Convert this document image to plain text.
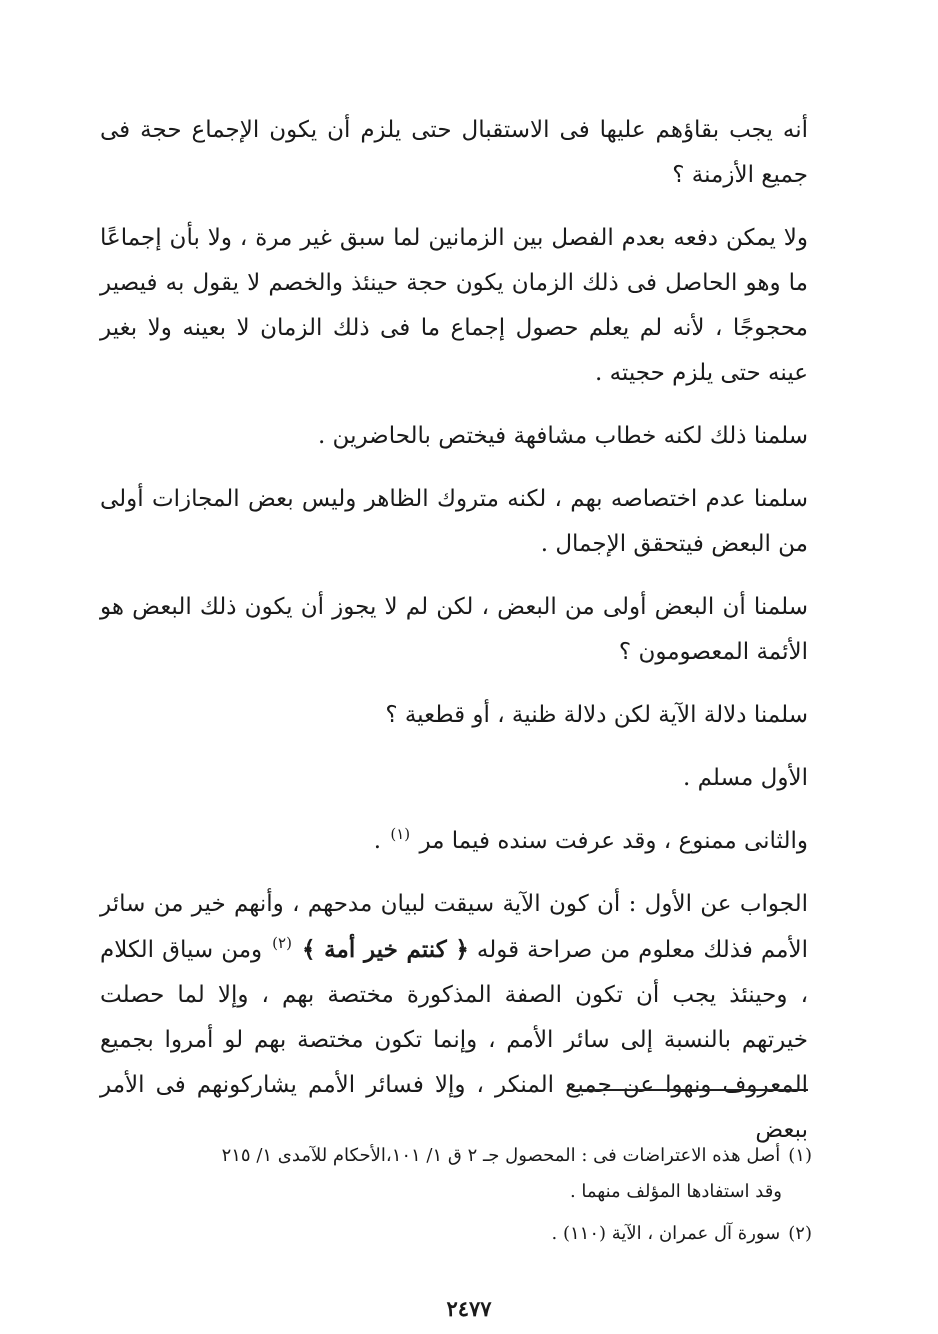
أنه يجب بقاؤهم عليها فى الاستقبال حتى يلزم أن يكون الإجماع حجة فى جميع الأزمنة ؟

ولا يمكن دفعه بعدم الفصل بين الزمانين لما سبق غير مرة ، ولا بأن إجماعًا ما وهو الحاصل فى ذلك الزمان يكون حجة حينئذ والخصم لا يقول به فيصير محجوجًا ، لأنه لم يعلم حصول إجماع ما فى ذلك الزمان لا بعينه ولا بغير عينه حتى يلزم حجيته .

سلمنا ذلك لكنه خطاب مشافهة فيختص بالحاضرين .

سلمنا عدم اختصاصه بهم ، لكنه متروك الظاهر وليس بعض المجازات أولى من البعض فيتحقق الإجمال .

سلمنا أن البعض أولى من البعض ، لكن لم لا يجوز أن يكون ذلك البعض هو الأئمة المعصومون ؟

سلمنا دلالة الآية لكن دلالة ظنية ، أو قطعية ؟

الأول مسلم .

والثانى ممنوع ، وقد عرفت سنده فيما مر $^{(١)}$ .

الجواب عن الأول : أن كون الآية سيقت لبيان مدحهم ، وأنهم خير من سائر الأمم فذلك معلوم من صراحة قوله ﴿ كنتم خير أمة ﴾ $^{(٢)}$ ومن سياق الكلام ، وحينئذ يجب أن تكون الصفة المذكورة مختصة بهم ، وإلا لما حصلت خيرتهم بالنسبة إلى سائر الأمم ، وإنما تكون مختصة بهم لو أمروا بجميع المعروف ونهوا عن جميع المنكر ، وإلا فسائر الأمم يشاركونهم فى الأمر ببعض

(١)أصل هذه الاعتراضات فى : المحصول جـ ٢ ق ١/ ١٠١،الأحكام للآمدى ١/ ٢١٥
وقد استفادها المؤلف منهما .
(٢)سورة آل عمران ، الآية (١١٠) .
٢٤٧٧
